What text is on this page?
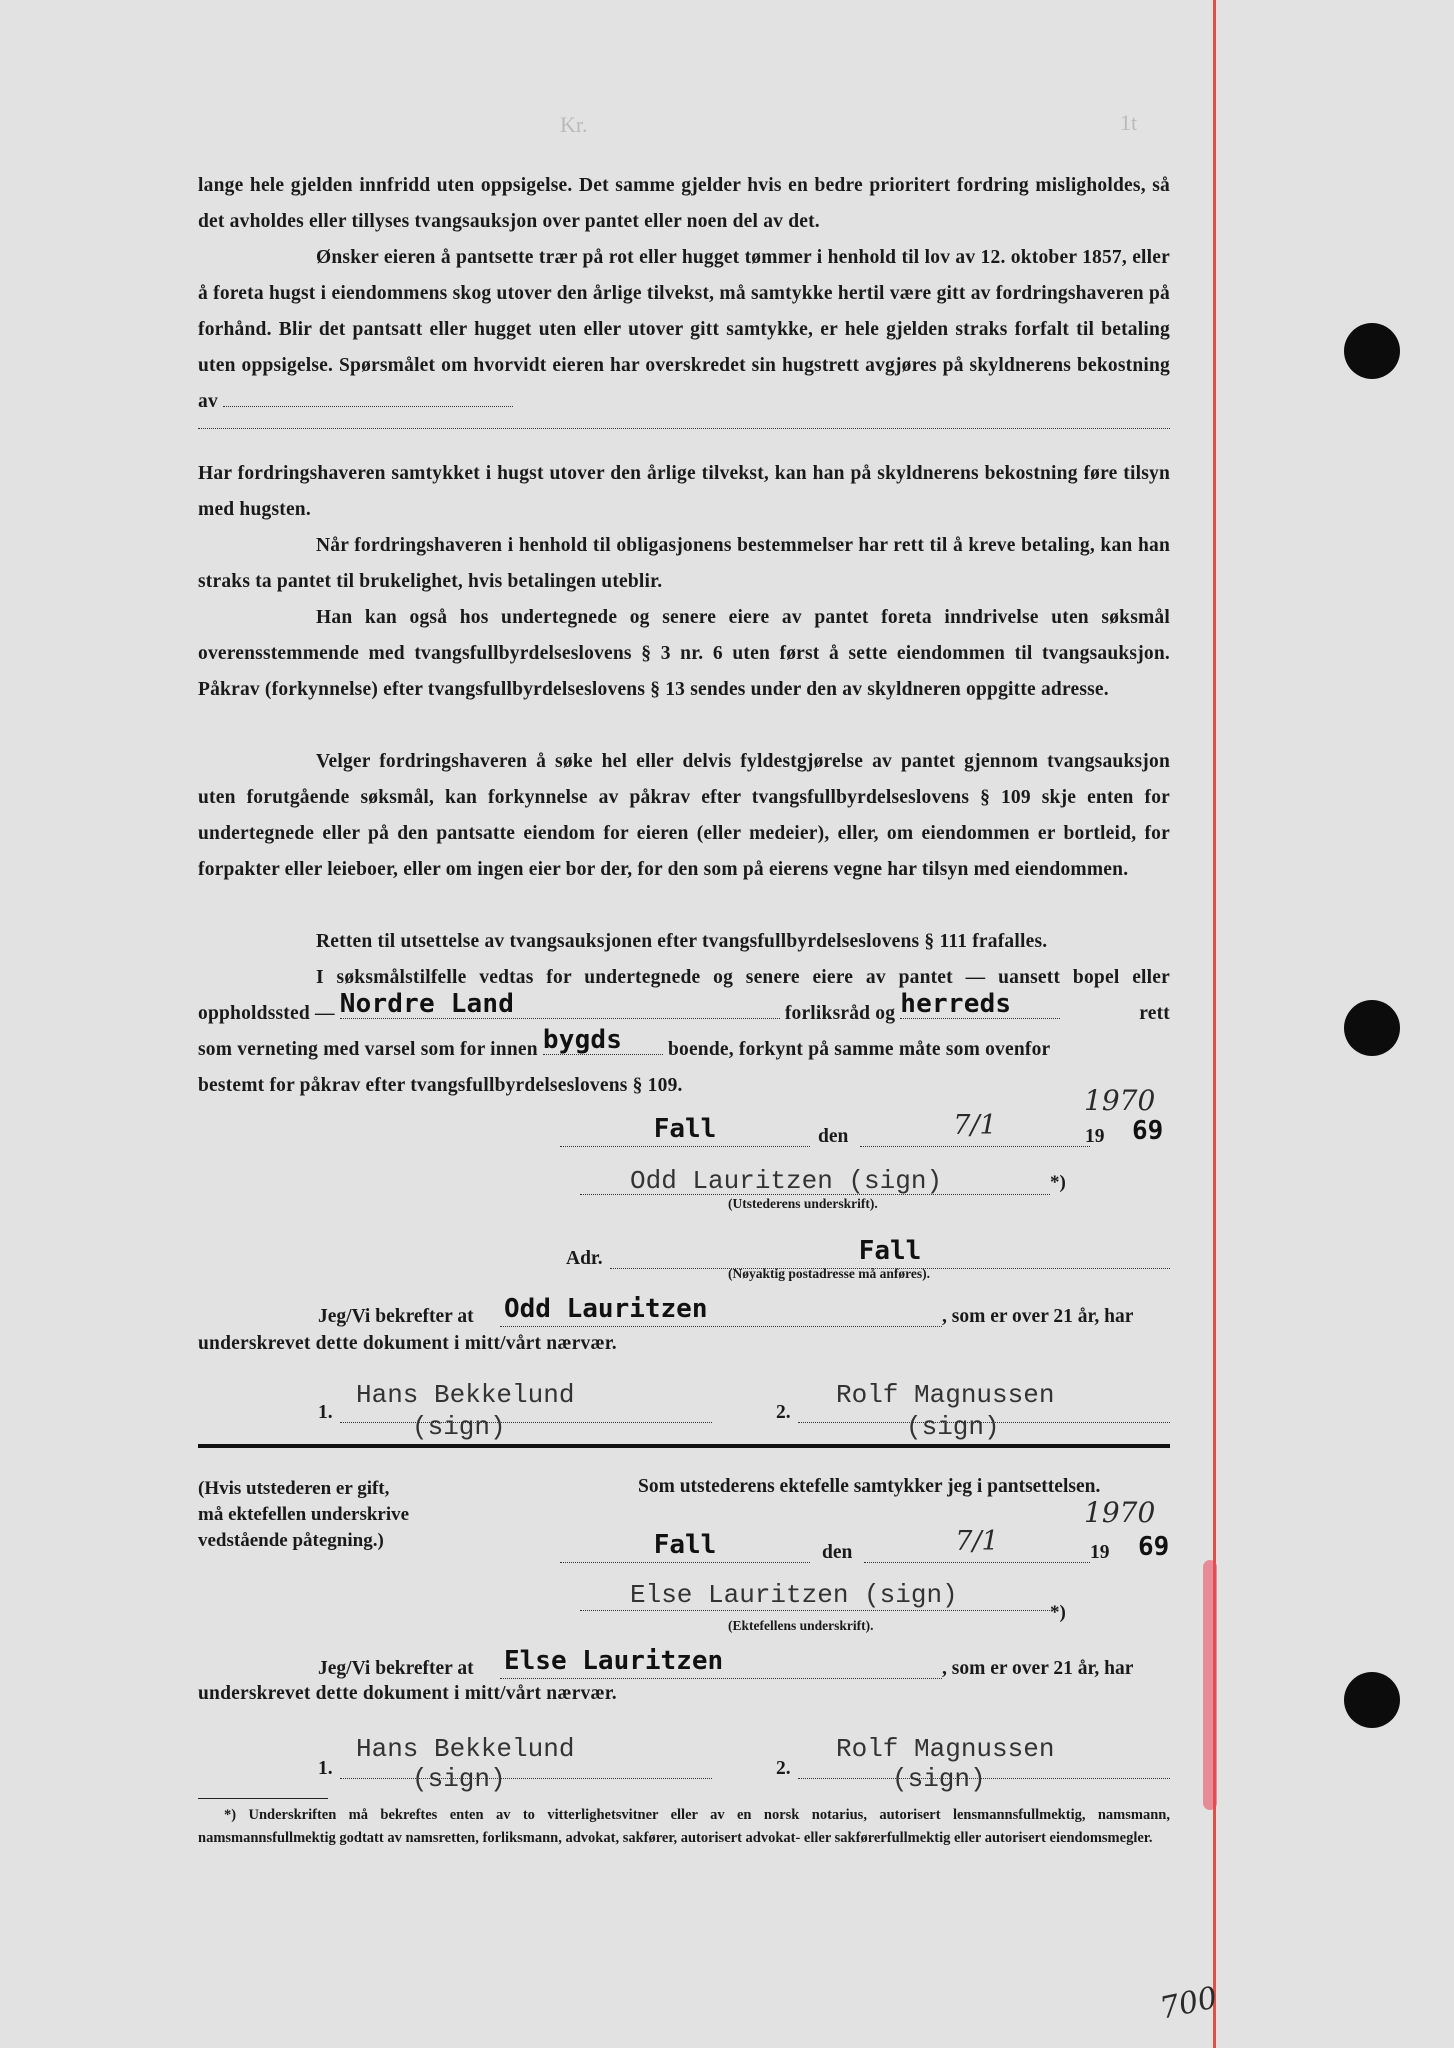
Kr.	1t

lange hele gjelden innfridd uten oppsigelse. Det samme gjelder hvis en bedre prioritert fordring misligholdes, så det avholdes eller tillyses tvangsauksjon over pantet eller noen del av det.

Ønsker eieren å pantsette trær på rot eller hugget tømmer i henhold til lov av 12. oktober 1857, eller å foreta hugst i eiendommens skog utover den årlige tilvekst, må samtykke hertil være gitt av fordringshaveren på forhånd. Blir det pantsatt eller hugget uten eller utover gitt samtykke, er hele gjelden straks forfalt til betaling uten oppsigelse. Spørsmålet om hvorvidt eieren har overskredet sin hugstrett avgjøres på skyldnerens bekostning av

Har fordringshaveren samtykket i hugst utover den årlige tilvekst, kan han på skyldnerens bekostning føre tilsyn med hugsten.

Når fordringshaveren i henhold til obligasjonens bestemmelser har rett til å kreve betaling, kan han straks ta pantet til brukelighet, hvis betalingen uteblir.

Han kan også hos undertegnede og senere eiere av pantet foreta inndrivelse uten søksmål overensstemmende med tvangsfullbyrdelseslovens § 3 nr. 6 uten først å sette eiendommen til tvangsauksjon. Påkrav (forkynnelse) efter tvangsfullbyrdelseslovens § 13 sendes under den av skyldneren oppgitte adresse.

Velger fordringshaveren å søke hel eller delvis fyldestgjørelse av pantet gjennom tvangsauksjon uten forutgående søksmål, kan forkynnelse av påkrav efter tvangsfullbyrdelseslovens § 109 skje enten for undertegnede eller på den pantsatte eiendom for eieren (eller medeier), eller, om eiendommen er bortleid, for forpakter eller leieboer, eller om ingen eier bor der, for den som på eierens vegne har tilsyn med eiendommen.

Retten til utsettelse av tvangsauksjonen efter tvangsfullbyrdelseslovens § 111 frafalles.

I søksmålstilfelle vedtas for undertegnede og senere eiere av pantet — uansett bopel eller

oppholdssted — Nordre Land	forliksråd og herreds	rett
som verneting med varsel som for innen bygds	boende, forkynt på samme måte som ovenfor
bestemt for påkrav efter tvangsfullbyrdelseslovens § 109.	1970
Fall	den	7/1	19 69
Odd Lauritzen (sign)	*)
(Utstederens underskrift).
Adr.	Fall
(Nøyaktig postadresse må anføres).
Jeg/Vi bekrefter at Odd Lauritzen	, som er over 21 år, har
underskrevet dette dokument i mitt/vårt nærvær.
1.
Hans Bekkelund
(sign)	2.
Rolf Magnussen
(sign)
(Hvis utstederen er gift,
må ektefellen underskrive
vedstående påtegning.)
Som utstederens ektefelle samtykker jeg i pantsettelsen.
1970
Fall	den	7/1	19 69
Else Lauritzen (sign)
*)
(Ektefellens underskrift).
Jeg/Vi bekrefter at Else Lauritzen	, som er over 21 år, har
underskrevet dette dokument i mitt/vårt nærvær.
1.
Hans Bekkelund
(sign)	2.
Rolf Magnussen
(sign)

*) Underskriften må bekreftes enten av to vitterlighetsvitner eller av en norsk notarius, autorisert lensmannsfullmektig, namsmann, namsmannsfullmektig godtatt av namsretten, forliksmann, advokat, sakfører, autorisert advokat- eller sakførerfullmektig eller autorisert eiendomsmegler.

700
